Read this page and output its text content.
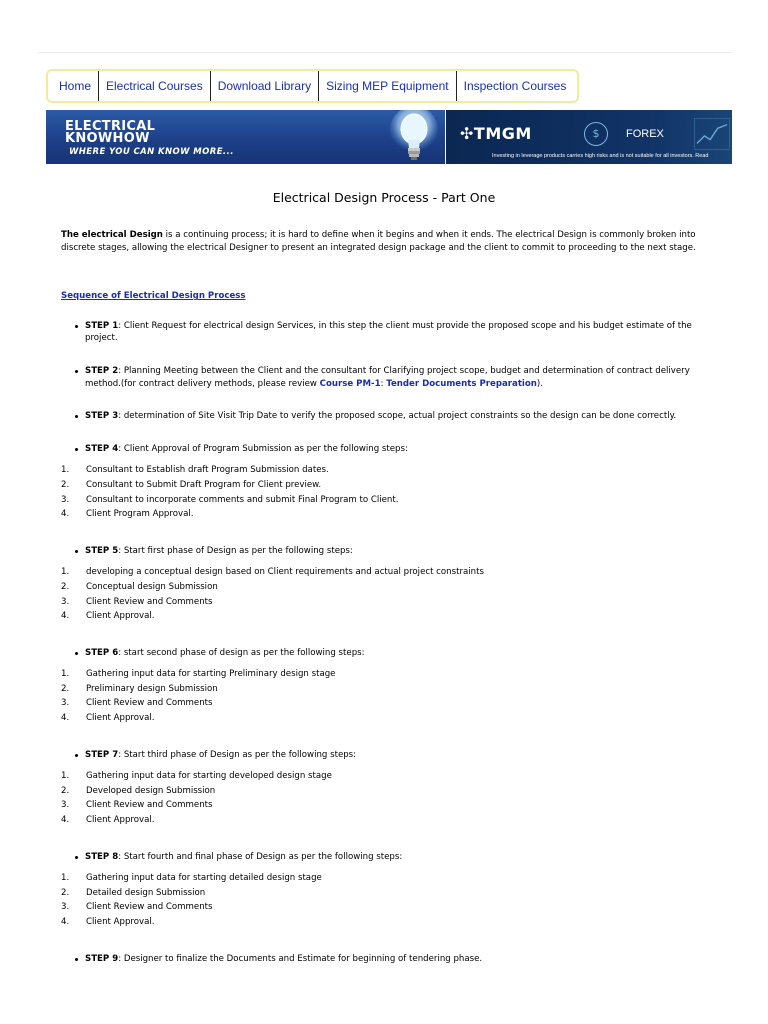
Home	Electrical Courses	Download Library	Sizing MEP Equipment	Inspection Courses
ELECTRICAL
KNOWHOW
WHERE YOU CAN KNOW MORE...
✣TMGM	$	FOREX
Investing in leverage products carries high risks and is not suitable for all investors. Read
Electrical Design Process - Part One
The electrical Design is a continuing process; it is hard to define when it begins and when it ends. The electrical Design is commonly broken into discrete stages, allowing the electrical Designer to present an integrated design package and the client to commit to proceeding to the next stage.
Sequence of Electrical Design Process
STEP 1: Client Request for electrical design Services, in this step the client must provide the proposed scope and his budget estimate of the project.
STEP 2: Planning Meeting between the Client and the consultant for Clarifying project scope, budget and determination of contract delivery method.(for contract delivery methods, please review Course PM-1: Tender Documents Preparation).
STEP 3: determination of Site Visit Trip Date to verify the proposed scope, actual project constraints so the design can be done correctly.
STEP 4: Client Approval of Program Submission as per the following steps:
1. Consultant to Establish draft Program Submission dates.
2. Consultant to Submit Draft Program for Client preview.
3. Consultant to incorporate comments and submit Final Program to Client.
4. Client Program Approval.
STEP 5: Start first phase of Design as per the following steps:
1. developing a conceptual design based on Client requirements and actual project constraints
2. Conceptual design Submission
3. Client Review and Comments
4. Client Approval.
STEP 6: start second phase of design as per the following steps:
1. Gathering input data for starting Preliminary design stage
2. Preliminary design Submission
3. Client Review and Comments
4. Client Approval.
STEP 7: Start third phase of Design as per the following steps:
1. Gathering input data for starting developed design stage
2. Developed design Submission
3. Client Review and Comments
4. Client Approval.
STEP 8: Start fourth and final phase of Design as per the following steps:
1. Gathering input data for starting detailed design stage
2. Detailed design Submission
3. Client Review and Comments
4. Client Approval.
STEP 9: Designer to finalize the Documents and Estimate for beginning of tendering phase.
